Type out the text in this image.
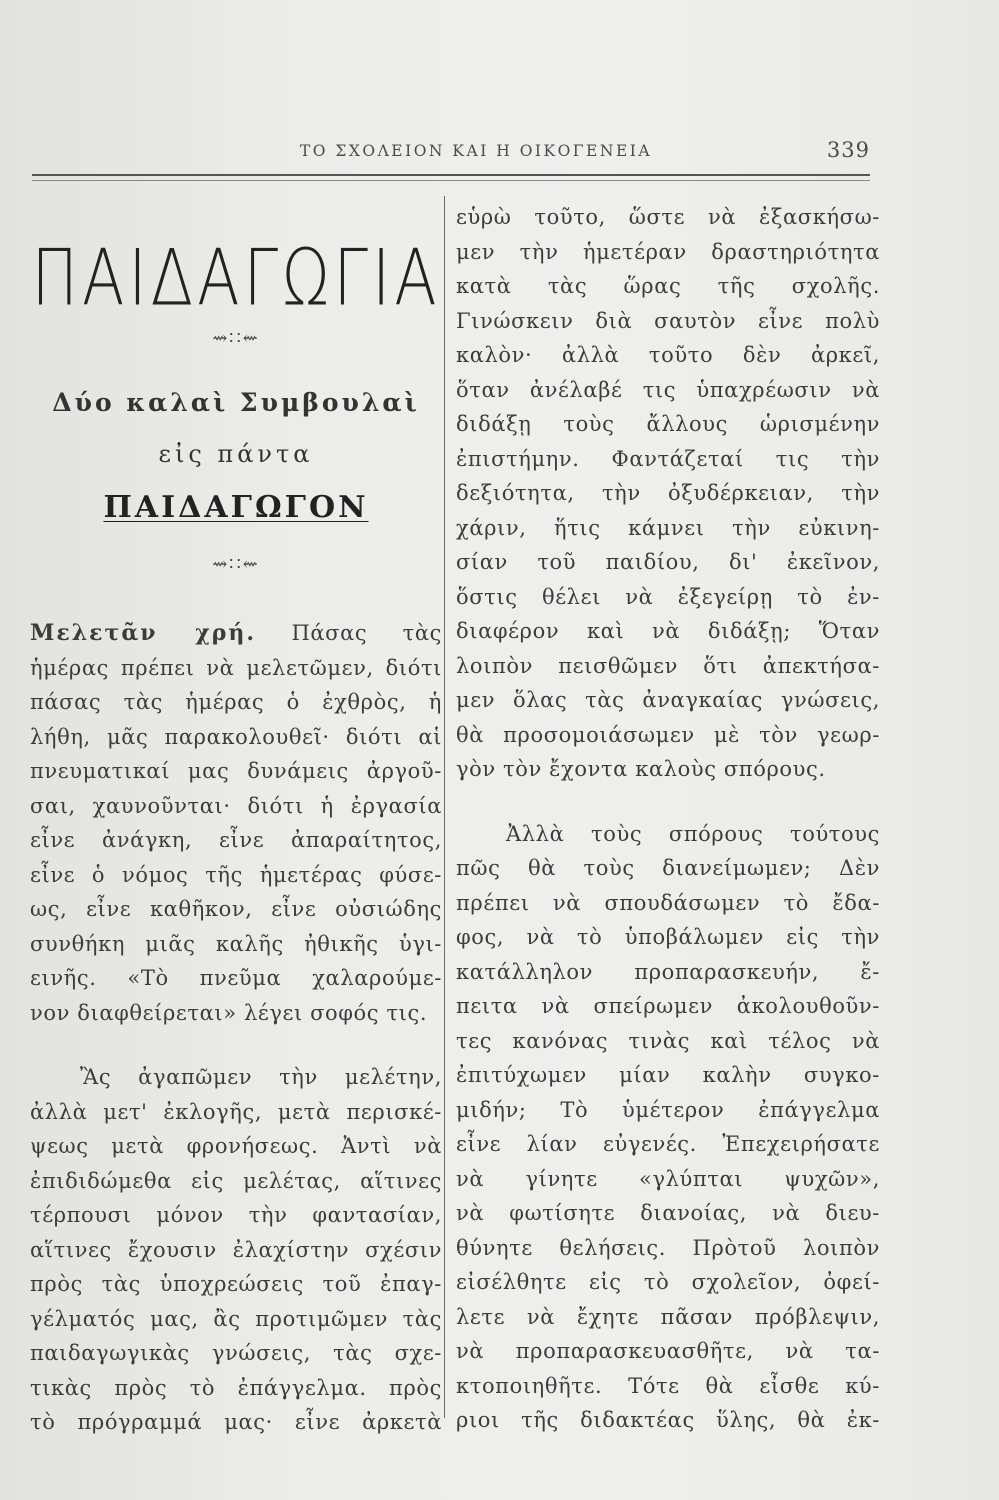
ΤΟ ΣΧΟΛΕΙΟΝ ΚΑΙ Η ΟΙΚΟΓΕΝΕΙΑ	339
ΠΑΙΔΑΓΩΓΙΑ
⇝∷⇜
Δύο καλαὶ Συμβουλαὶ
εἰς πάντα
ΠΑΙΔΑΓΩΓΟΝ
⇝∷⇜
Μελετᾶν χρή. Πάσας τὰς
ἡμέρας πρέπει νὰ μελετῶμεν, διότι
πάσας τὰς ἡμέρας ὁ ἐχθρὸς, ἡ
λήθη, μᾶς παρακολουθεῖ· διότι αἱ
πνευματικαί μας δυνάμεις ἀργοῦ-
σαι, χαυνοῦνται· διότι ἡ ἐργασία
εἶνε ἀνάγκη, εἶνε ἀπαραίτητος,
εἶνε ὁ νόμος τῆς ἡμετέρας φύσε-
ως, εἶνε καθῆκον, εἶνε οὐσιώδης
συνθήκη μιᾶς καλῆς ἠθικῆς ὑγι-
εινῆς. «Τὸ πνεῦμα χαλαρούμε-
νον διαφθείρεται» λέγει σοφός τις.
Ἂς ἀγαπῶμεν τὴν μελέτην,
ἀλλὰ μετ' ἐκλογῆς, μετὰ περισκέ-
ψεως μετὰ φρονήσεως. Ἀντὶ νὰ
ἐπιδιδώμεθα εἰς μελέτας, αἵτινες
τέρπουσι μόνον τὴν φαντασίαν,
αἵτινες ἔχουσιν ἐλαχίστην σχέσιν
πρὸς τὰς ὑποχρεώσεις τοῦ ἐπαγ-
γέλματός μας, ἂς προτιμῶμεν τὰς
παιδαγωγικὰς γνώσεις, τὰς σχε-
τικὰς πρὸς τὸ ἐπάγγελμα. πρὸς
τὸ πρόγραμμά μας· εἶνε ἀρκετὰ
εὑρὼ τοῦτο, ὥστε νὰ ἐξασκήσω-
μεν τὴν ἡμετέραν δραστηριότητα
κατὰ τὰς ὥρας τῆς σχολῆς.
Γινώσκειν διὰ σαυτὸν εἶνε πολὺ
καλὸν· ἀλλὰ τοῦτο δὲν ἀρκεῖ,
ὅταν ἀνέλαβέ τις ὑπαχρέωσιν νὰ
διδάξῃ τοὺς ἄλλους ὡρισμένην
ἐπιστήμην. Φαντάζεταί τις τὴν
δεξιότητα, τὴν ὀξυδέρκειαν, τὴν
χάριν, ἥτις κάμνει τὴν εὐκινη-
σίαν τοῦ παιδίου, δι' ἐκεῖνον,
ὅστις θέλει νὰ ἐξεγείρῃ τὸ ἐν-
διαφέρον καὶ νὰ διδάξῃ; Ὅταν
λοιπὸν πεισθῶμεν ὅτι ἀπεκτήσα-
μεν ὅλας τὰς ἀναγκαίας γνώσεις,
θὰ προσομοιάσωμεν μὲ τὸν γεωρ-
γὸν τὸν ἔχοντα καλοὺς σπόρους.
Ἀλλὰ τοὺς σπόρους τούτους
πῶς θὰ τοὺς διανείμωμεν; Δὲν
πρέπει νὰ σπουδάσωμεν τὸ ἔδα-
φος, νὰ τὸ ὑποβάλωμεν εἰς τὴν
κατάλληλον προπαρασκευήν, ἔ-
πειτα νὰ σπείρωμεν ἀκολουθοῦν-
τες κανόνας τινὰς καὶ τέλος νὰ
ἐπιτύχωμεν μίαν καλὴν συγκο-
μιδήν; Τὸ ὑμέτερον ἐπάγγελμα
εἶνε λίαν εὐγενές. Ἐπεχειρήσατε
νὰ γίνητε «γλύπται ψυχῶν»,
νὰ φωτίσητε διανοίας, νὰ διευ-
θύνητε θελήσεις. Πρὸτοῦ λοιπὸν
εἰσέλθητε εἰς τὸ σχολεῖον, ὀφεί-
λετε νὰ ἔχητε πᾶσαν πρόβλεψιν,
νὰ προπαρασκευασθῆτε, νὰ τα-
κτοποιηθῆτε. Τότε θὰ εἶσθε κύ-
ριοι τῆς διδακτέας ὕλης, θὰ ἐκ-
